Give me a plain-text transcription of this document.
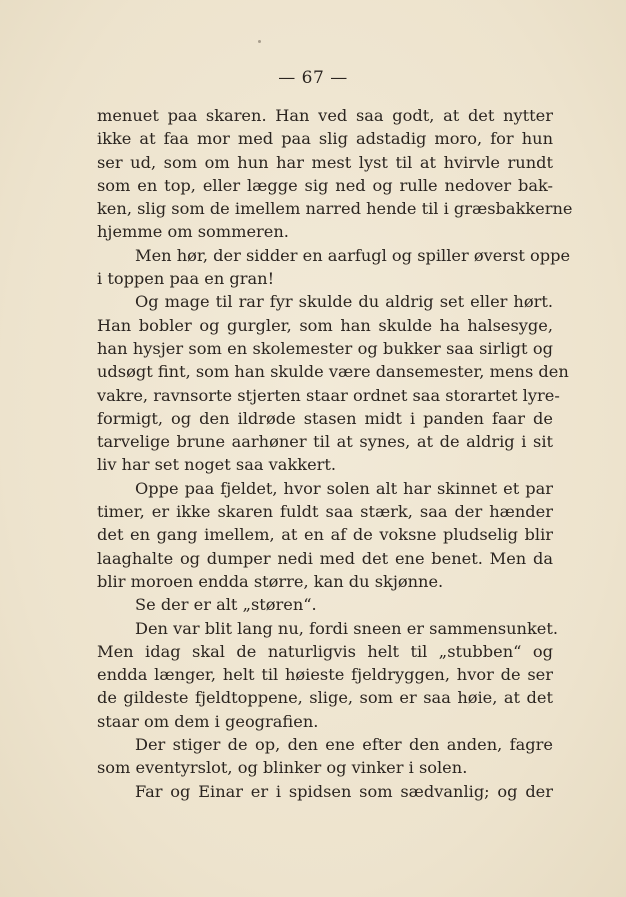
— 67 —
menuet paa skaren. Han ved saa godt, at det nytter
ikke at faa mor med paa slig adstadig moro, for hun
ser ud, som om hun har mest lyst til at hvirvle rundt
som en top, eller lægge sig ned og rulle nedover bak-
ken, slig som de imellem narred hende til i græsbakkerne
hjemme om sommeren.
Men hør, der sidder en aarfugl og spiller øverst oppe
i toppen paa en gran!
Og mage til rar fyr skulde du aldrig set eller hørt.
Han bobler og gurgler, som han skulde ha halsesyge,
han hysjer som en skolemester og bukker saa sirligt og
udsøgt fint, som han skulde være dansemester, mens den
vakre, ravnsorte stjerten staar ordnet saa storartet lyre-
formigt, og den ildrøde stasen midt i panden faar de
tarvelige brune aarhøner til at synes, at de aldrig i sit
liv har set noget saa vakkert.
Oppe paa fjeldet, hvor solen alt har skinnet et par
timer, er ikke skaren fuldt saa stærk, saa der hænder
det en gang imellem, at en af de voksne pludselig blir
laaghalte og dumper nedi med det ene benet. Men da
blir moroen endda større, kan du skjønne.
Se der er alt „støren“.
Den var blit lang nu, fordi sneen er sammensunket.
Men idag skal de naturligvis helt til „stubben“ og
endda længer, helt til høieste fjeldryggen, hvor de ser
de gildeste fjeldtoppene, slige, som er saa høie, at det
staar om dem i geografien.
Der stiger de op, den ene efter den anden, fagre
som eventyrslot, og blinker og vinker i solen.
Far og Einar er i spidsen som sædvanlig; og der
